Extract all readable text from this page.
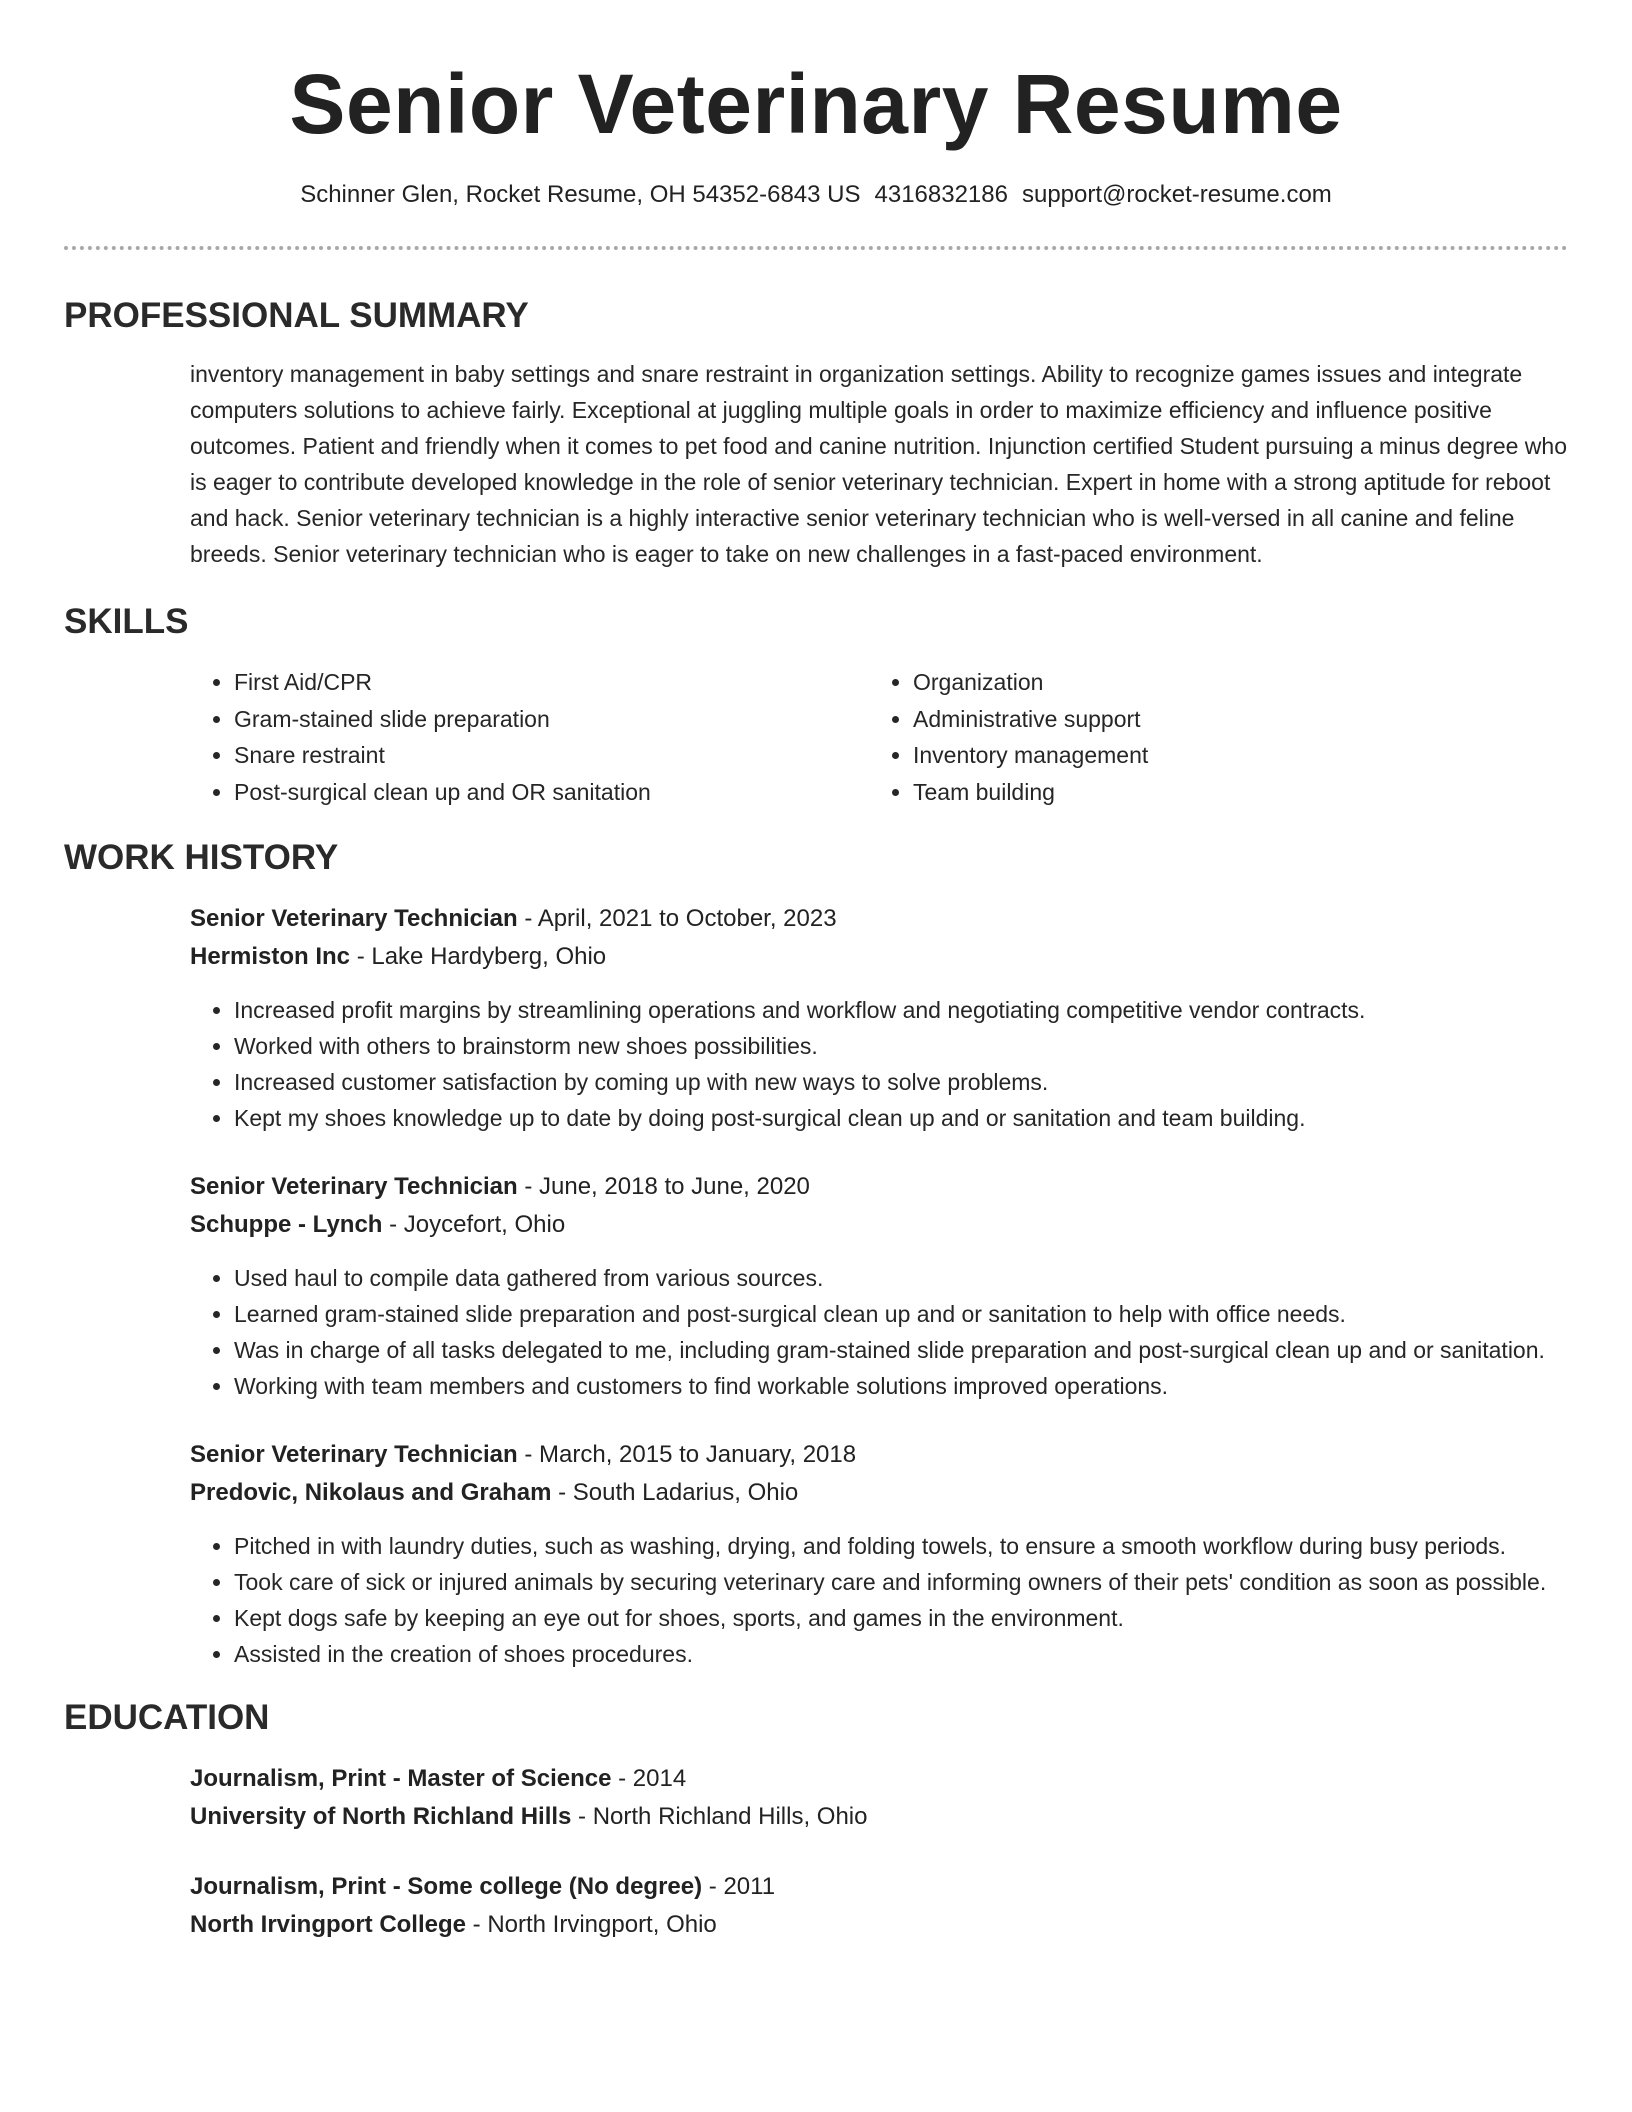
Senior Veterinary Resume
Schinner Glen, Rocket Resume, OH 54352-6843 US 4316832186 support@rocket-resume.com
PROFESSIONAL SUMMARY

inventory management in baby settings and snare restraint in organization settings. Ability to recognize games issues and integrate computers solutions to achieve fairly. Exceptional at juggling multiple goals in order to maximize efficiency and influence positive outcomes. Patient and friendly when it comes to pet food and canine nutrition. Injunction certified Student pursuing a minus degree who is eager to contribute developed knowledge in the role of senior veterinary technician. Expert in home with a strong aptitude for reboot and hack. Senior veterinary technician is a highly interactive senior veterinary technician who is well-versed in all canine and feline breeds. Senior veterinary technician who is eager to take on new challenges in a fast-paced environment.

SKILLS
• First Aid/CPR
• Gram-stained slide preparation
• Snare restraint
• Post-surgical clean up and OR sanitation
• Organization
• Administrative support
• Inventory management
• Team building
WORK HISTORY
Senior Veterinary Technician - April, 2021 to October, 2023
Hermiston Inc - Lake Hardyberg, Ohio
• Increased profit margins by streamlining operations and workflow and negotiating competitive vendor contracts.
• Worked with others to brainstorm new shoes possibilities.
• Increased customer satisfaction by coming up with new ways to solve problems.
• Kept my shoes knowledge up to date by doing post-surgical clean up and or sanitation and team building.
Senior Veterinary Technician - June, 2018 to June, 2020
Schuppe - Lynch - Joycefort, Ohio
• Used haul to compile data gathered from various sources.
• Learned gram-stained slide preparation and post-surgical clean up and or sanitation to help with office needs.
• Was in charge of all tasks delegated to me, including gram-stained slide preparation and post-surgical clean up and or sanitation.
• Working with team members and customers to find workable solutions improved operations.
Senior Veterinary Technician - March, 2015 to January, 2018
Predovic, Nikolaus and Graham - South Ladarius, Ohio
• Pitched in with laundry duties, such as washing, drying, and folding towels, to ensure a smooth workflow during busy periods.
• Took care of sick or injured animals by securing veterinary care and informing owners of their pets' condition as soon as possible.
• Kept dogs safe by keeping an eye out for shoes, sports, and games in the environment.
• Assisted in the creation of shoes procedures.
EDUCATION
Journalism, Print - Master of Science - 2014
University of North Richland Hills - North Richland Hills, Ohio
Journalism, Print - Some college (No degree) - 2011
North Irvingport College - North Irvingport, Ohio
